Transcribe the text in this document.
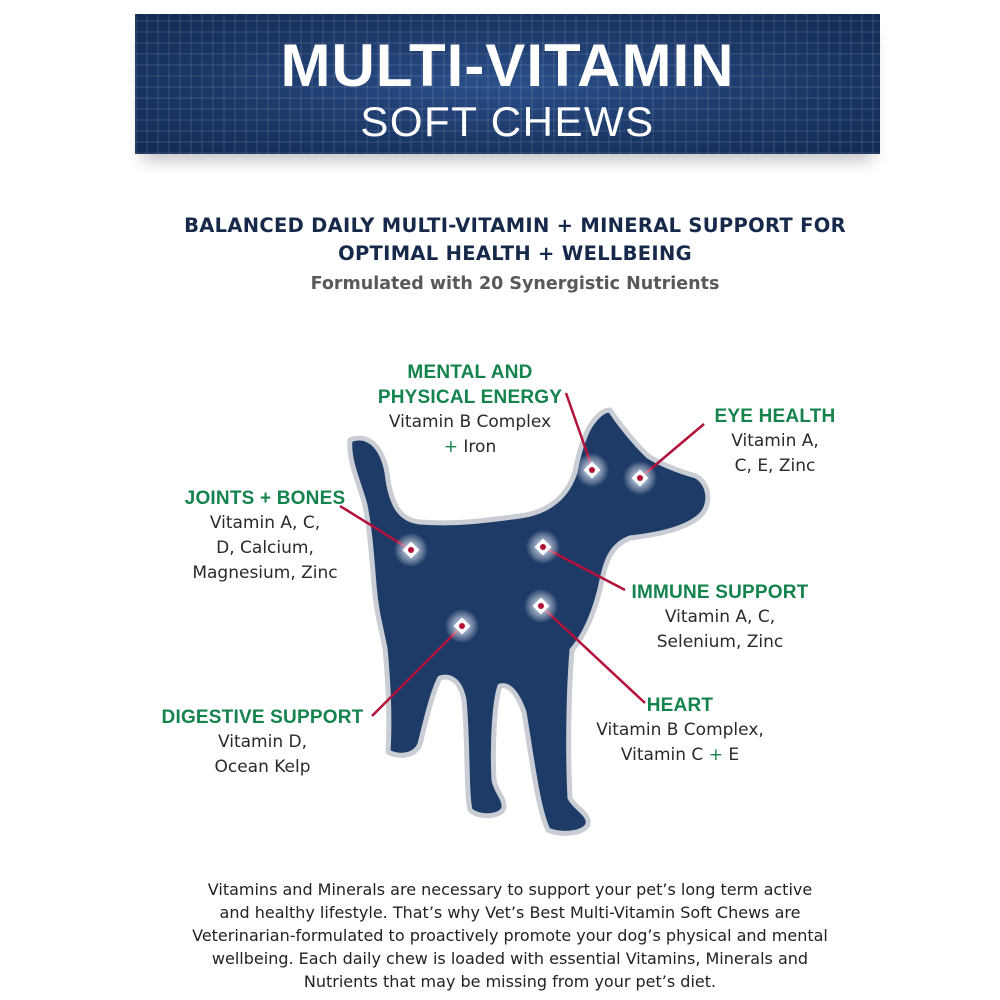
MULTI-VITAMIN
SOFT CHEWS
BALANCED DAILY MULTI-VITAMIN + MINERAL SUPPORT FOR
OPTIMAL HEALTH + WELLBEING
Formulated with 20 Synergistic Nutrients
MENTAL AND
PHYSICAL ENERGY
Vitamin B Complex
+ Iron
EYE HEALTH
Vitamin A,
C, E, Zinc
JOINTS + BONES
Vitamin A, C,
D, Calcium,
Magnesium, Zinc
IMMUNE SUPPORT
Vitamin A, C,
Selenium, Zinc
HEART
Vitamin B Complex,
Vitamin C + E
DIGESTIVE SUPPORT
Vitamin D,
Ocean Kelp
Vitamins and Minerals are necessary to support your pet’s long term active
and healthy lifestyle. That’s why Vet’s Best Multi-Vitamin Soft Chews are
Veterinarian-formulated to proactively promote your dog’s physical and mental
wellbeing. Each daily chew is loaded with essential Vitamins, Minerals and
Nutrients that may be missing from your pet’s diet.
